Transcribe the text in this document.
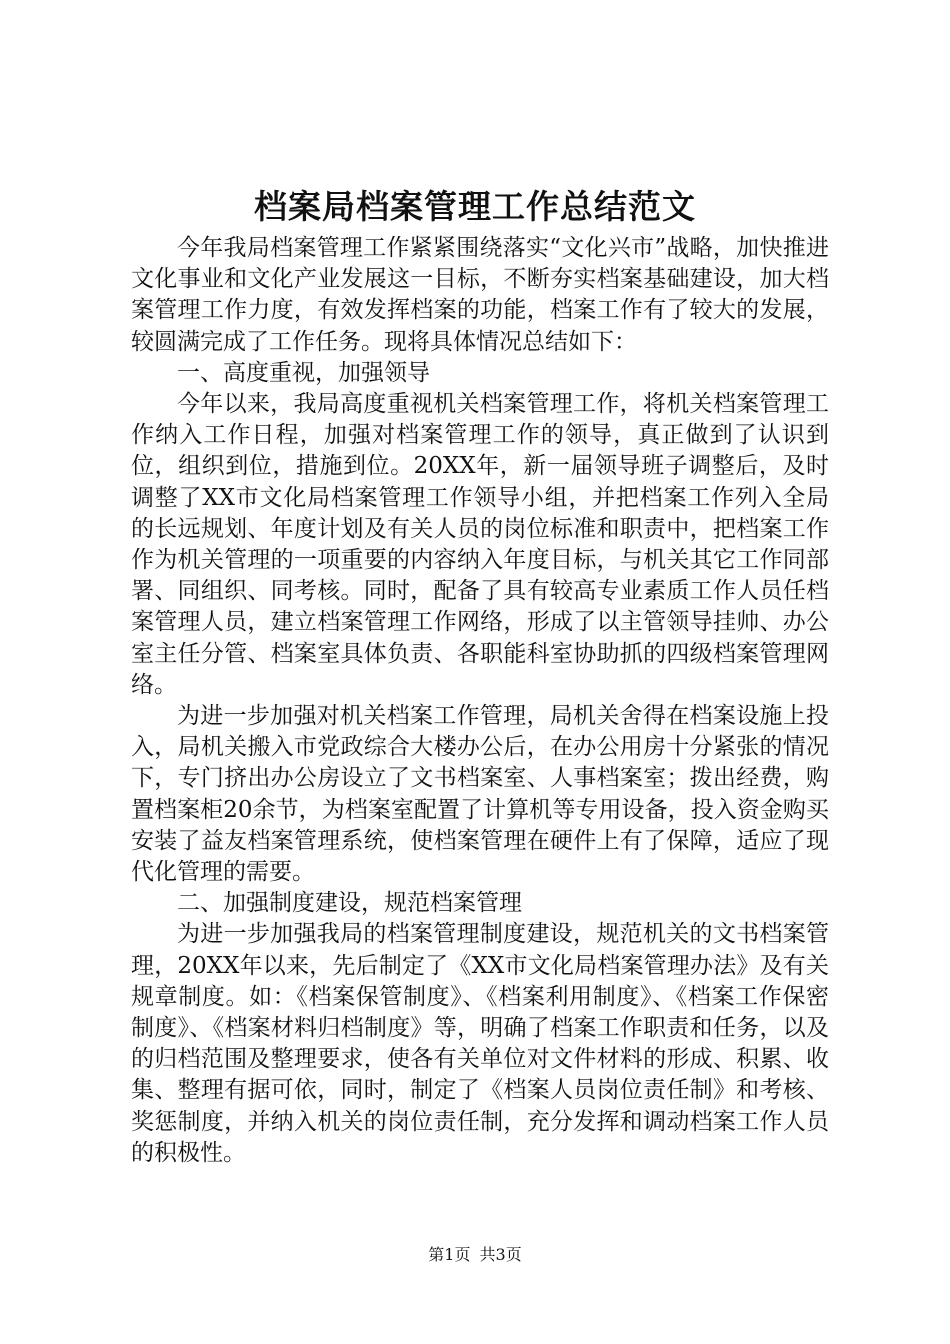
档案局档案管理工作总结范文

今年我局档案管理工作紧紧围绕落实“文化兴市”战略，加快推进文化事业和文化产业发展这一目标，不断夯实档案基础建设，加大档案管理工作力度，有效发挥档案的功能，档案工作有了较大的发展，较圆满完成了工作任务。现将具体情况总结如下：

一、高度重视，加强领导

今年以来，我局高度重视机关档案管理工作，将机关档案管理工作纳入工作日程，加强对档案管理工作的领导，真正做到了认识到位，组织到位，措施到位。20XX年，新一届领导班子调整后，及时调整了XX市文化局档案管理工作领导小组，并把档案工作列入全局的长远规划、年度计划及有关人员的岗位标准和职责中，把档案工作作为机关管理的一项重要的内容纳入年度目标，与机关其它工作同部署、同组织、同考核。同时，配备了具有较高专业素质工作人员任档案管理人员，建立档案管理工作网络，形成了以主管领导挂帅、办公室主任分管、档案室具体负责、各职能科室协助抓的四级档案管理网络。

为进一步加强对机关档案工作管理，局机关舍得在档案设施上投入，局机关搬入市党政综合大楼办公后，在办公用房十分紧张的情况下，专门挤出办公房设立了文书档案室、人事档案室；拨出经费，购置档案柜20余节，为档案室配置了计算机等专用设备，投入资金购买安装了益友档案管理系统，使档案管理在硬件上有了保障，适应了现代化管理的需要。

二、加强制度建设，规范档案管理

为进一步加强我局的档案管理制度建设，规范机关的文书档案管理，20XX年以来，先后制定了《XX市文化局档案管理办法》及有关规章制度。如：《档案保管制度》、《档案利用制度》、《档案工作保密制度》、《档案材料归档制度》等，明确了档案工作职责和任务，以及的归档范围及整理要求，使各有关单位对文件材料的形成、积累、收集、整理有据可依，同时，制定了《档案人员岗位责任制》和考核、奖惩制度，并纳入机关的岗位责任制，充分发挥和调动档案工作人员的积极性。

第1页 共3页
